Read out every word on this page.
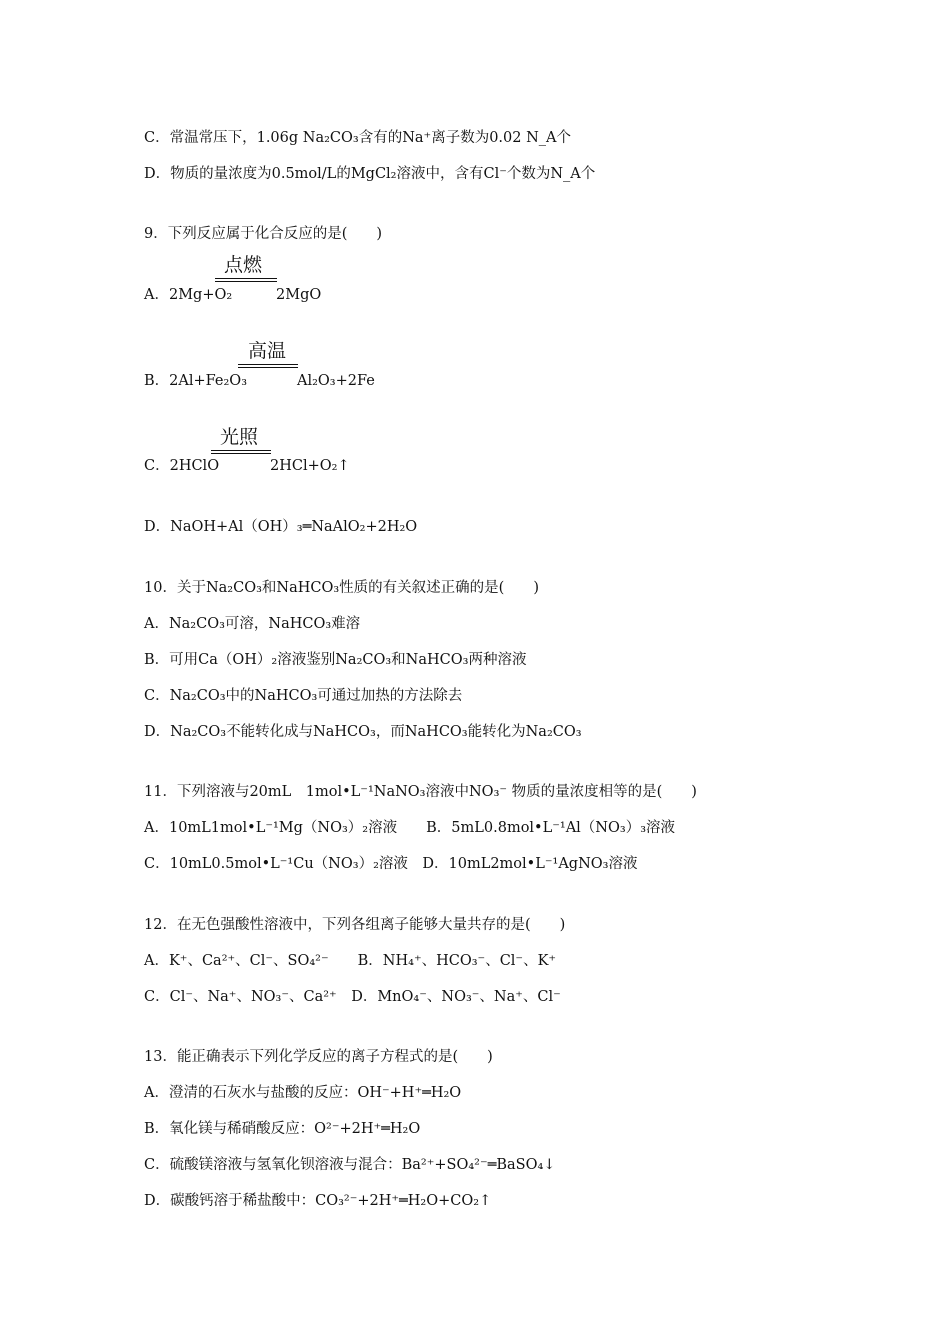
C．常温常压下，1.06g Na₂CO₃含有的Na⁺离子数为0.02 N_A个
D．物质的量浓度为0.5mol/L的MgCl₂溶液中，含有Cl⁻个数为N_A个
9．下列反应属于化合反应的是(　　)
点燃
A．2Mg+O₂	2MgO
高温
B．2Al+Fe₂O₃	Al₂O₃+2Fe
光照
C．2HClO	2HCl+O₂↑
D．NaOH+Al（OH）₃═NaAlO₂+2H₂O
10．关于Na₂CO₃和NaHCO₃性质的有关叙述正确的是(　　)
A．Na₂CO₃可溶，NaHCO₃难溶
B．可用Ca（OH）₂溶液鉴别Na₂CO₃和NaHCO₃两种溶液
C．Na₂CO₃中的NaHCO₃可通过加热的方法除去
D．Na₂CO₃不能转化成与NaHCO₃，而NaHCO₃能转化为Na₂CO₃
11．下列溶液与20mL　1mol•L⁻¹NaNO₃溶液中NO₃⁻ 物质的量浓度相等的是(　　)
A．10mL1mol•L⁻¹Mg（NO₃）₂溶液　　B．5mL0.8mol•L⁻¹Al（NO₃）₃溶液
C．10mL0.5mol•L⁻¹Cu（NO₃）₂溶液　D．10mL2mol•L⁻¹AgNO₃溶液
12．在无色强酸性溶液中，下列各组离子能够大量共存的是(　　)
A．K⁺、Ca²⁺、Cl⁻、SO₄²⁻　　B．NH₄⁺、HCO₃⁻、Cl⁻、K⁺
C．Cl⁻、Na⁺、NO₃⁻、Ca²⁺　D．MnO₄⁻、NO₃⁻、Na⁺、Cl⁻
13．能正确表示下列化学反应的离子方程式的是(　　)
A．澄清的石灰水与盐酸的反应：OH⁻+H⁺═H₂O
B．氧化镁与稀硝酸反应：O²⁻+2H⁺═H₂O
C．硫酸镁溶液与氢氧化钡溶液与混合：Ba²⁺+SO₄²⁻═BaSO₄↓
D．碳酸钙溶于稀盐酸中：CO₃²⁻+2H⁺═H₂O+CO₂↑
